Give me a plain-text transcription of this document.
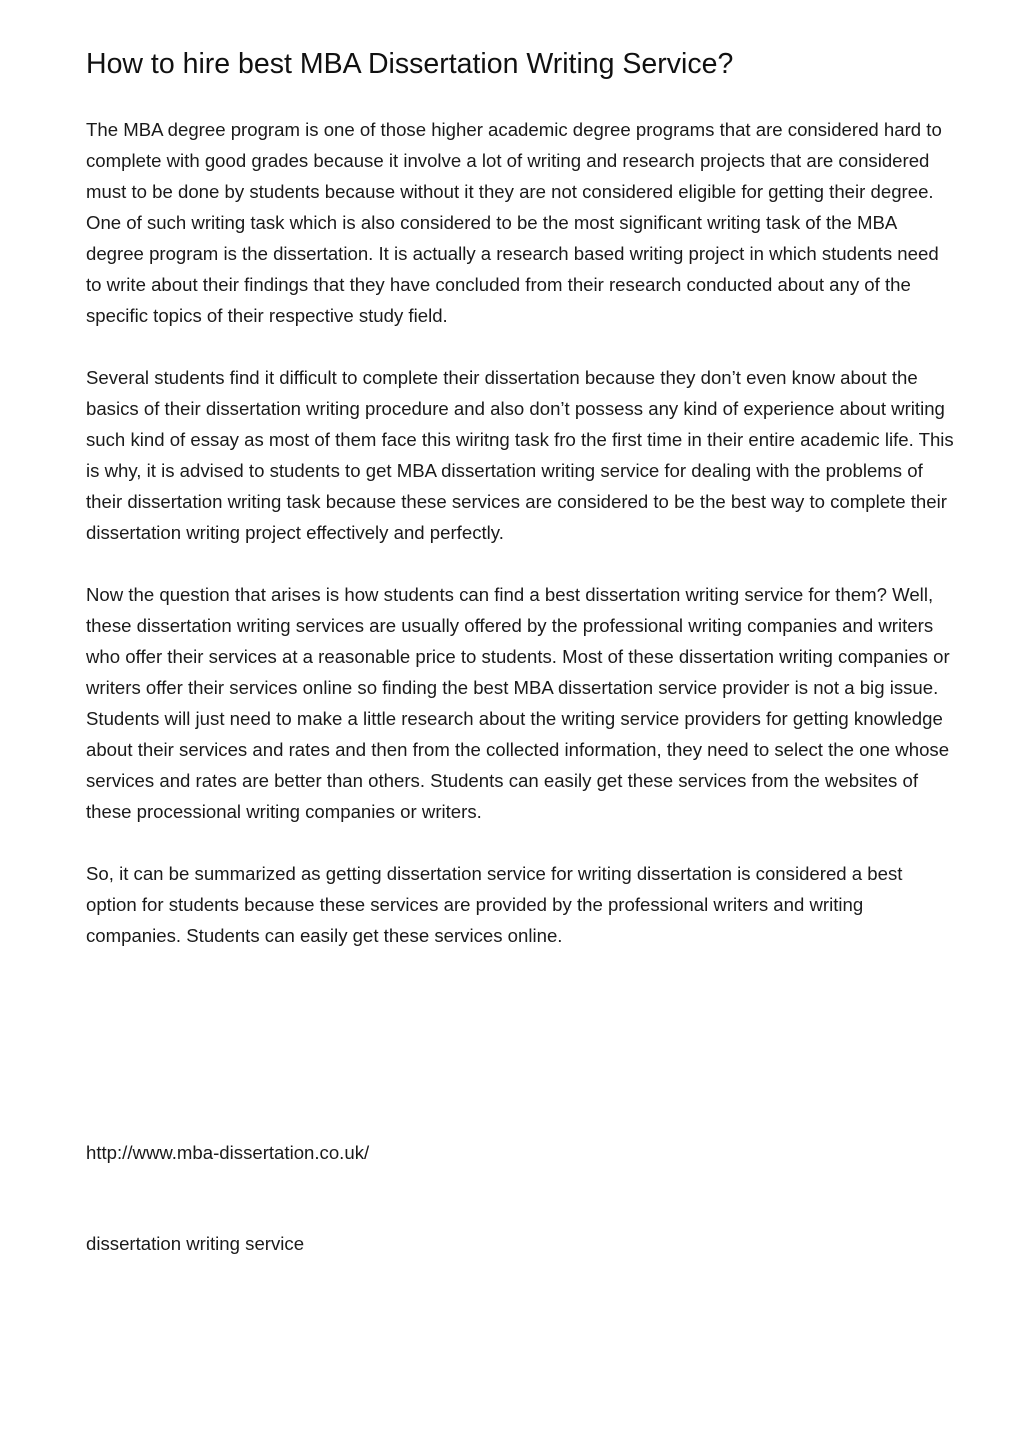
How to hire best MBA Dissertation Writing Service?

The MBA degree program is one of those higher academic degree programs that are considered hard to complete with good grades because it involve a lot of writing and research projects that are considered must to be done by students because without it they are not considered eligible for getting their degree. One of such writing task which is also considered to be the most significant writing task of the MBA degree program is the dissertation. It is actually a research based writing project in which students need to write about their findings that they have concluded from their research conducted about any of the specific topics of their respective study field.

Several students find it difficult to complete their dissertation because they don’t even know about the basics of their dissertation writing procedure and also don’t possess any kind of experience about writing such kind of essay as most of them face this wiritng task fro the first time in their entire academic life. This is why, it is advised to students to get MBA dissertation writing service for dealing with the problems of their dissertation writing task because these services are considered to be the best way to complete their dissertation writing project effectively and perfectly.

Now the question that arises is how students can find a best dissertation writing service for them? Well, these dissertation writing services are usually offered by the professional writing companies and writers who offer their services at a reasonable price to students. Most of these dissertation writing companies or writers offer their services online so finding the best MBA dissertation service provider is not a big issue. Students will just need to make a little research about the writing service providers for getting knowledge about their services and rates and then from the collected information, they need to select the one whose services and rates are better than others. Students can easily get these services from the websites of these processional writing companies or writers.

So, it can be summarized as getting dissertation service for writing dissertation is considered a best option for students because these services are provided by the professional writers and writing companies. Students can easily get these services online.

http://www.mba-dissertation.co.uk/

dissertation writing service
